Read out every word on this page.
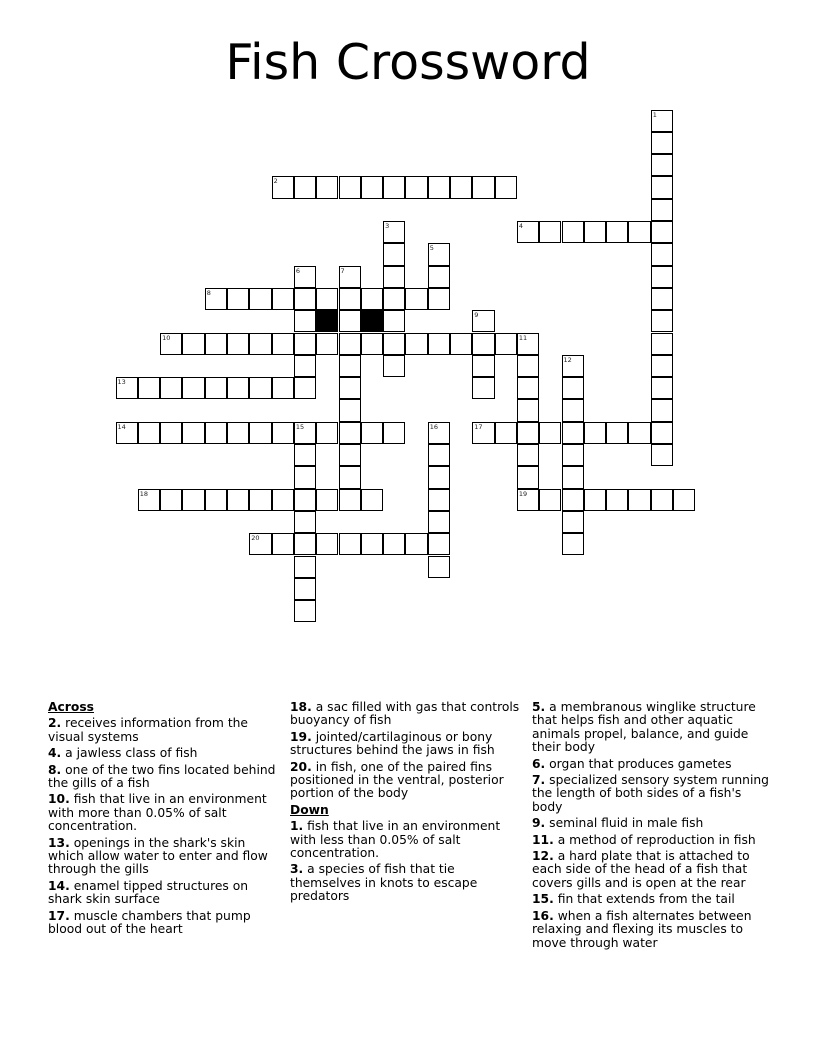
Fish Crossword
1
2
3	4
5
6	7
8
9
10	11
19
12
13
14	15	16	17
18
20
Across
2. receives information from the visual systems
4. a jawless class of fish
8. one of the two fins located behind the gills of a fish
10. fish that live in an environment with more than 0.05% of salt concentration.
13. openings in the shark's skin which allow water to enter and flow through the gills
14. enamel tipped structures on shark skin surface
17. muscle chambers that pump blood out of the heart
18. a sac filled with gas that controls buoyancy of fish
19. jointed/cartilaginous or bony structures behind the jaws in fish
20. in fish, one of the paired fins positioned in the ventral, posterior portion of the body
Down
1. fish that live in an environment with less than 0.05% of salt concentration.
3. a species of fish that tie themselves in knots to escape predators
5. a membranous winglike structure that helps fish and other aquatic animals propel, balance, and guide their body
6. organ that produces gametes
7. specialized sensory system running the length of both sides of a fish's body
9. seminal fluid in male fish
11. a method of reproduction in fish
12. a hard plate that is attached to each side of the head of a fish that covers gills and is open at the rear
15. fin that extends from the tail
16. when a fish alternates between relaxing and flexing its muscles to move through water
